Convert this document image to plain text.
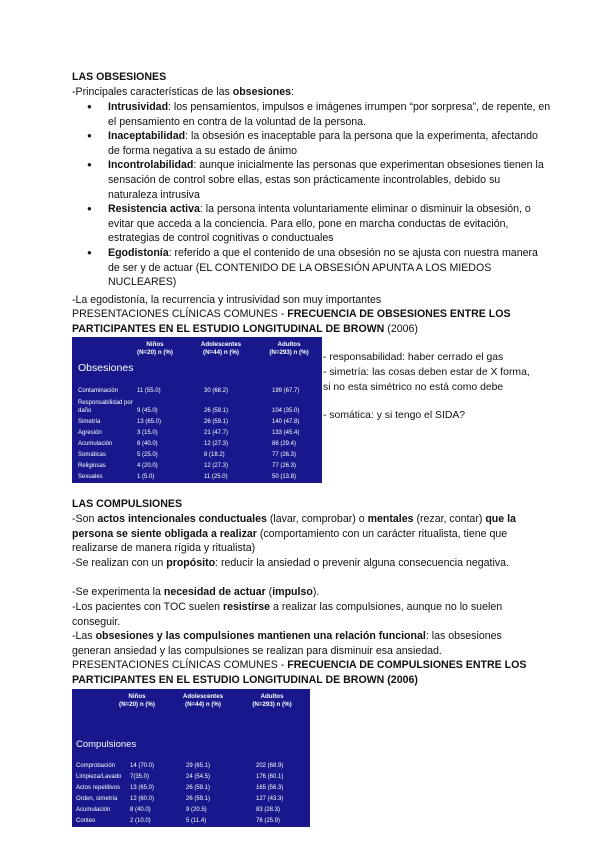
LAS OBSESIONES
-Principales características de las obsesiones:
● Intrusividad: los pensamientos, impulsos e imágenes irrumpen “por sorpresa”, de repente, en el pensamiento en contra de la voluntad de la persona.
● Inaceptabilidad: la obsesión es inaceptable para la persona que la experimenta, afectando de forma negativa a su estado de ánimo
● Incontrolabilidad: aunque inicialmente las personas que experimentan obsesiones tienen la sensación de control sobre ellas, estas son prácticamente incontrolables, debido su naturaleza intrusiva
● Resistencia activa: la persona intenta voluntariamente eliminar o disminuir la obsesión, o evitar que acceda a la conciencia. Para ello, pone en marcha conductas de evitación, estrategias de control cognitivas o conductuales
● Egodistonía: referido a que el contenido de una obsesión no se ajusta con nuestra manera de ser y de actuar (EL CONTENIDO DE LA OBSESIÓN APUNTA A LOS MIEDOS NUCLEARES)
-La egodistonía, la recurrencia y intrusividad son muy importantes
PRESENTACIONES CLÍNICAS COMUNES - FRECUENCIA DE OBSESIONES ENTRE LOS PARTICIPANTES EN EL ESTUDIO LONGITUDINAL DE BROWN (2006)
Niños
(N=20) n (%)
Adolescentes
(N=44) n (%)
Adultos
(N=293) n (%)
Obsesiones
Contaminación	11 (55.0)	30 (68.2)	199 (67.7)
Responsabilidad por daño	9 (45.0)	26 (59.1)	104 (35.0)
Simetría	13 (65.0)	26 (59.1)	140 (47.8)
Agresión	3 (15.0)	21 (47.7)	133 (45.4)
Acumulación	8 (40.0)	12 (27.3)	86 (29.4)
Somáticas	5 (25.0)	8 (18.2)	77 (26.3)
Religiosas	4 (20.0)	12 (27.3)	77 (26.3)
Sexuales	1 (5.0)	11 (25.0)	50 (13.8)
- responsabilidad: haber cerrado el gas
- simetría: las cosas deben estar de X forma, si no esta simétrico no está como debe
- somática: y si tengo el SIDA?
LAS COMPULSIONES
-Son actos intencionales conductuales (lavar, comprobar) o mentales (rezar, contar) que la persona se siente obligada a realizar (comportamiento con un carácter ritualista, tiene que realizarse de manera rígida y ritualista)
-Se realizan con un propósito: reducir la ansiedad o prevenir alguna consecuencia negativa.
-Se experimenta la necesidad de actuar (impulso).
-Los pacientes con TOC suelen resistirse a realizar las compulsiones, aunque no lo suelen conseguir.
-Las obsesiones y las compulsiones mantienen una relación funcional: las obsesiones generan ansiedad y las compulsiones se realizan para disminuir esa ansiedad.
PRESENTACIONES CLÍNICAS COMUNES - FRECUENCIA DE COMPULSIONES ENTRE LOS PARTICIPANTES EN EL ESTUDIO LONGITUDINAL DE BROWN (2006)
Niños
(N=20) n (%)
Adolescentes
(N=44) n (%)
Adultos
(N=293) n (%)
Compulsiones
Comprobación 14 (70.0)	29 (65.1)	202 (68.9)
Limpieza/Lavado 7(35.0)	24 (54.5)	176 (60.1)
Actos repetitivos 13 (65.0)	26 (59.1)	165 (56.3)
Orden, simetría 12 (60.0)	26 (59.1)	127 (43.3)
Acumulación	8 (40.0)	9 (20.5)	83 (28.3)
Conteo	2 (10.0)	5 (11.4)	76 (25.9)
